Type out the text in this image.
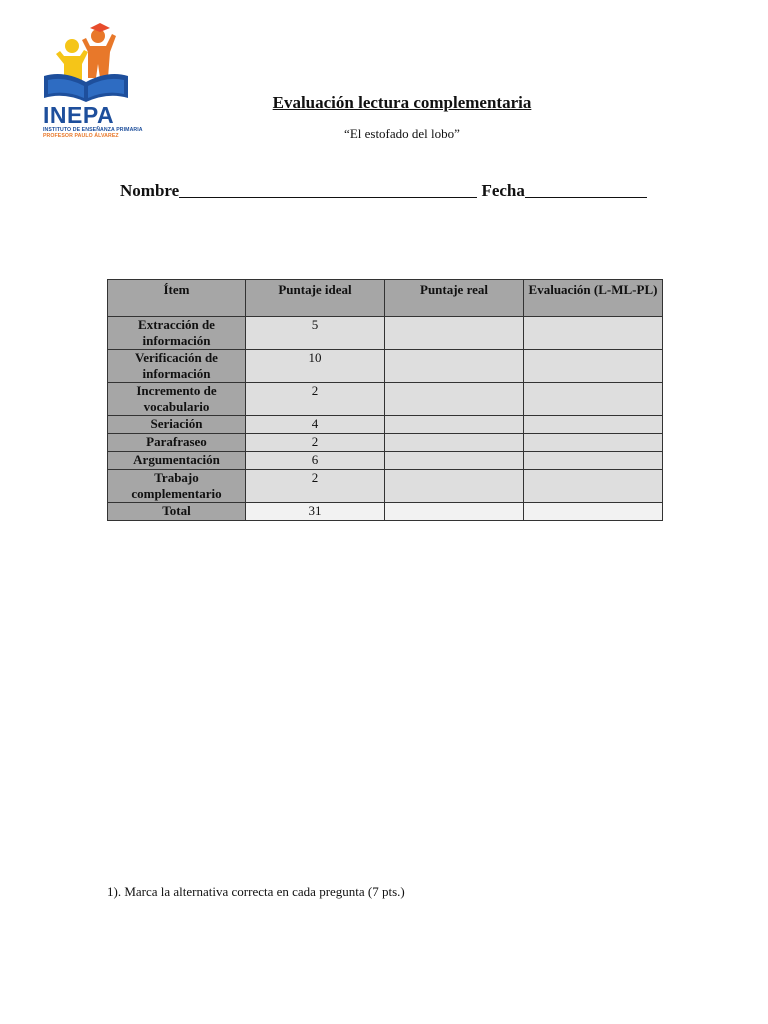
INEPA
INSTITUTO DE ENSEÑANZA PRIMARIA
PROFESOR PAULO ÁLVAREZ
Evaluación lectura complementaria
“El estofado del lobo”
Nombre	Fecha
Ítem	Puntaje ideal	Puntaje real	Evaluación (L-ML-PL)
Extracción de información	5		
Verificación de información	10		
Incremento de vocabulario	2		
Seriación	4		
Parafraseo	2		
Argumentación	6		
Trabajo complementario	2		
Total	31		
1). Marca la alternativa correcta en cada pregunta (7 pts.)
